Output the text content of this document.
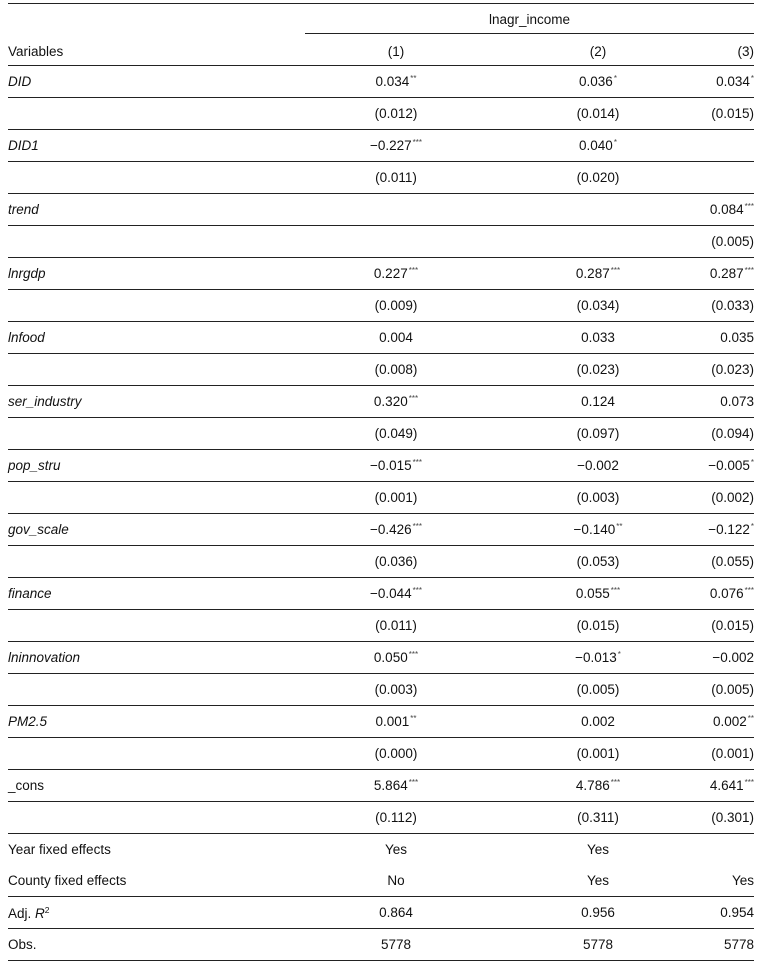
	lnagr_income		

Variables	(1)	(2)	(3)
DID	0.034**	0.036*	0.034*
	(0.012)	(0.014)	(0.015)
DID1	−0.227***	0.040*	
	(0.011)	(0.020)	
trend			0.084***
			(0.005)
lnrgdp	0.227***	0.287***	0.287***
	(0.009)	(0.034)	(0.033)
lnfood	0.004	0.033	0.035
	(0.008)	(0.023)	(0.023)
ser_industry	0.320***	0.124	0.073
	(0.049)	(0.097)	(0.094)
pop_stru	−0.015***	−0.002	−0.005*
	(0.001)	(0.003)	(0.002)
gov_scale	−0.426***	−0.140**	−0.122*
	(0.036)	(0.053)	(0.055)
finance	−0.044***	0.055***	0.076***
	(0.011)	(0.015)	(0.015)
lninnovation	0.050***	−0.013*	−0.002
	(0.003)	(0.005)	(0.005)
PM2.5	0.001**	0.002	0.002**
	(0.000)	(0.001)	(0.001)
_cons	5.864***	4.786***	4.641***
	(0.112)	(0.311)	(0.301)
Year fixed effects	Yes	Yes	
County fixed effects	No	Yes	Yes
Adj. $R^2$	0.864	0.956	0.954
Obs.	5778	5778	5778
